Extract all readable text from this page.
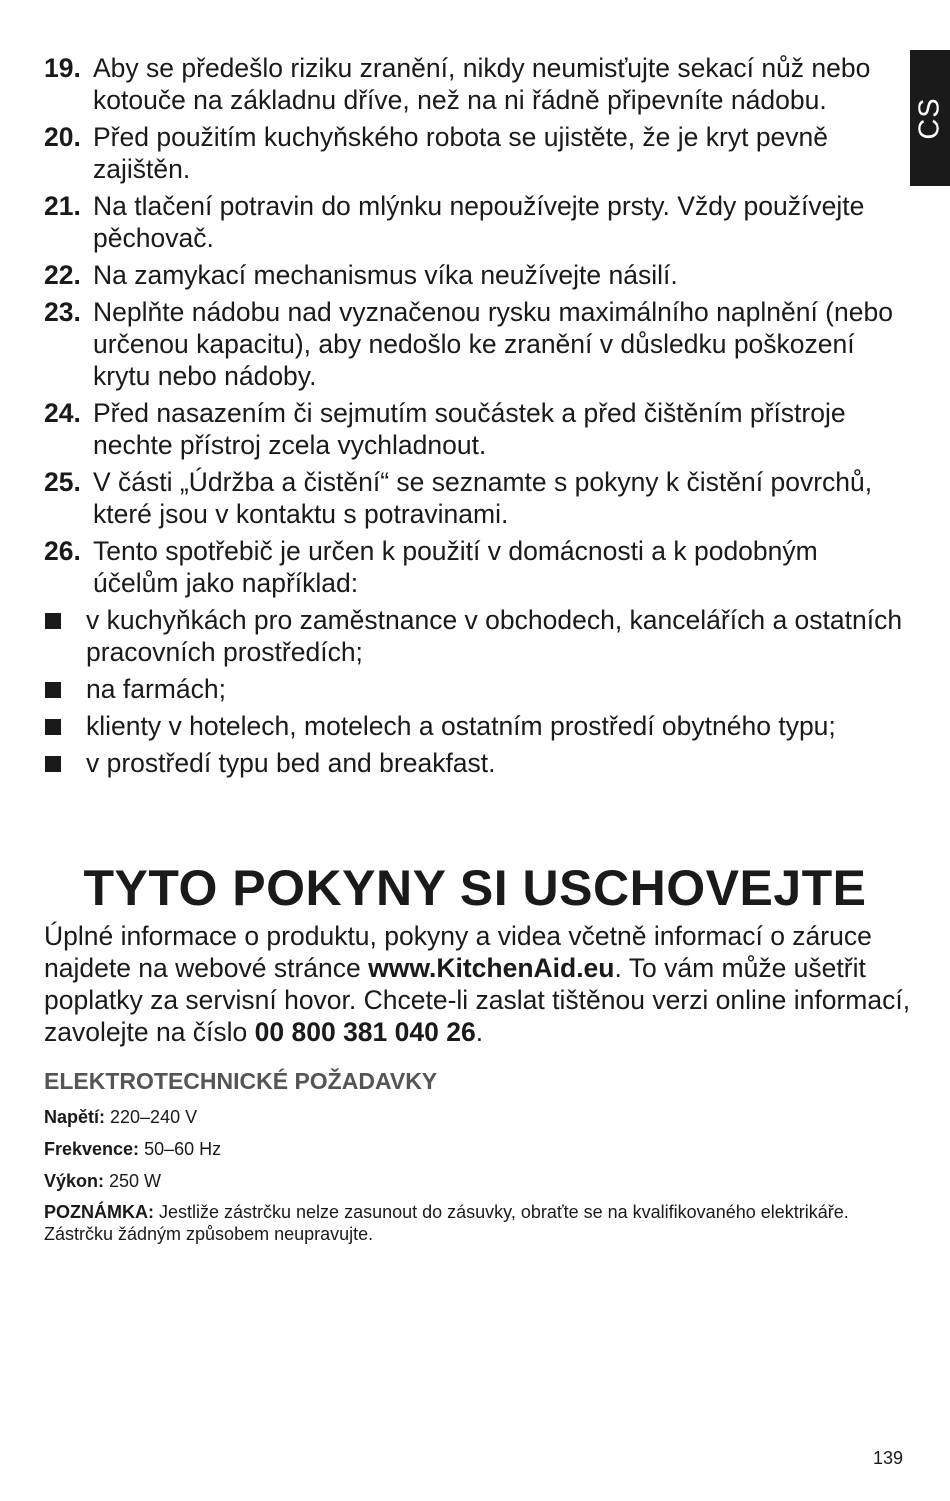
CS
19. Aby se předešlo riziku zranění, nikdy neumisťujte sekací nůž nebo kotouče na základnu dříve, než na ni řádně připevníte nádobu.
20. Před použitím kuchyňského robota se ujistěte, že je kryt pevně zajištěn.
21. Na tlačení potravin do mlýnku nepoužívejte prsty. Vždy používejte pěchovač.
22. Na zamykací mechanismus víka neužívejte násilí.
23. Neplňte nádobu nad vyznačenou rysku maximálního naplnění (nebo určenou kapacitu), aby nedošlo ke zranění v důsledku poškození krytu nebo nádoby.
24. Před nasazením či sejmutím součástek a před čištěním přístroje nechte přístroj zcela vychladnout.
25. V části „Údržba a čistění“ se seznamte s pokyny k čistění povrchů, které jsou v kontaktu s potravinami.
26. Tento spotřebič je určen k použití v domácnosti a k podobným účelům jako například:
v kuchyňkách pro zaměstnance v obchodech, kancelářích a ostatních pracovních prostředích;
na farmách;
klienty v hotelech, motelech a ostatním prostředí obytného typu;
v prostředí typu bed and breakfast.
TYTO POKYNY SI USCHOVEJTE
Úplné informace o produktu, pokyny a videa včetně informací o záruce najdete na webové stránce www.KitchenAid.eu. To vám může ušetřit poplatky za servisní hovor. Chcete-li zaslat tištěnou verzi online informací, zavolejte na číslo 00 800 381 040 26.
ELEKTROTECHNICKÉ POŽADAVKY
Napětí: 220–240 V
Frekvence: 50–60 Hz
Výkon: 250 W
POZNÁMKA: Jestliže zástrčku nelze zasunout do zásuvky, obraťte se na kvalifikovaného elektrikáře. Zástrčku žádným způsobem neupravujte.
139
